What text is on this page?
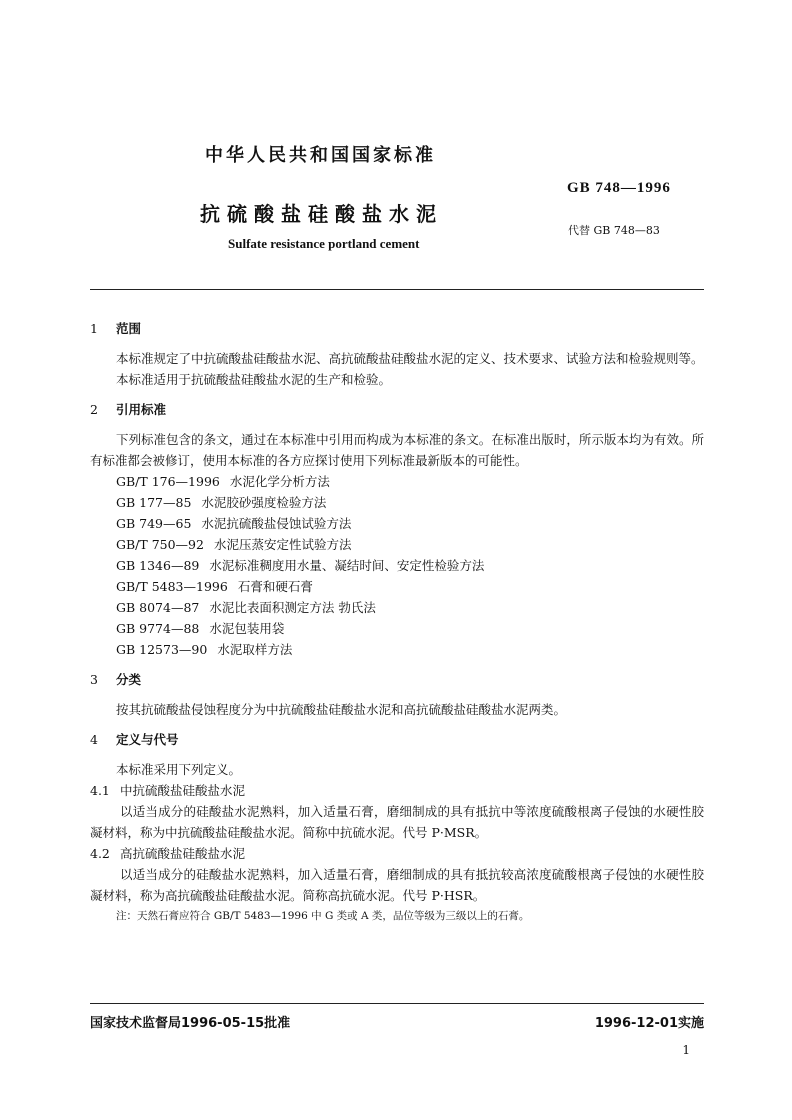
中华人民共和国国家标准
GB 748—1996
抗硫酸盐硅酸盐水泥
代替 GB 748—83
Sulfate resistance portland cement

1 范围

本标准规定了中抗硫酸盐硅酸盐水泥、高抗硫酸盐硅酸盐水泥的定义、技术要求、试验方法和检验规则等。

本标准适用于抗硫酸盐硅酸盐水泥的生产和检验。

2 引用标准

下列标准包含的条文，通过在本标准中引用而构成为本标准的条文。在标准出版时，所示版本均为有效。所有标准都会被修订，使用本标准的各方应探讨使用下列标准最新版本的可能性。

GB/T 176—1996 水泥化学分析方法
GB 177—85 水泥胶砂强度检验方法
GB 749—65 水泥抗硫酸盐侵蚀试验方法
GB/T 750—92 水泥压蒸安定性试验方法
GB 1346—89 水泥标准稠度用水量、凝结时间、安定性检验方法
GB/T 5483—1996 石膏和硬石膏
GB 8074—87 水泥比表面积测定方法 勃氏法
GB 9774—88 水泥包装用袋
GB 12573—90 水泥取样方法

3 分类

按其抗硫酸盐侵蚀程度分为中抗硫酸盐硅酸盐水泥和高抗硫酸盐硅酸盐水泥两类。

4 定义与代号

本标准采用下列定义。

4.1 中抗硫酸盐硅酸盐水泥

以适当成分的硅酸盐水泥熟料，加入适量石膏，磨细制成的具有抵抗中等浓度硫酸根离子侵蚀的水硬性胶凝材料，称为中抗硫酸盐硅酸盐水泥。简称中抗硫水泥。代号 P·MSR。

4.2 高抗硫酸盐硅酸盐水泥

以适当成分的硅酸盐水泥熟料，加入适量石膏，磨细制成的具有抵抗较高浓度硫酸根离子侵蚀的水硬性胶凝材料，称为高抗硫酸盐硅酸盐水泥。简称高抗硫水泥。代号 P·HSR。

注：天然石膏应符合 GB/T 5483—1996 中 G 类或 A 类，品位等级为三级以上的石膏。

国家技术监督局1996-05-15批准	1996-12-01实施
1
